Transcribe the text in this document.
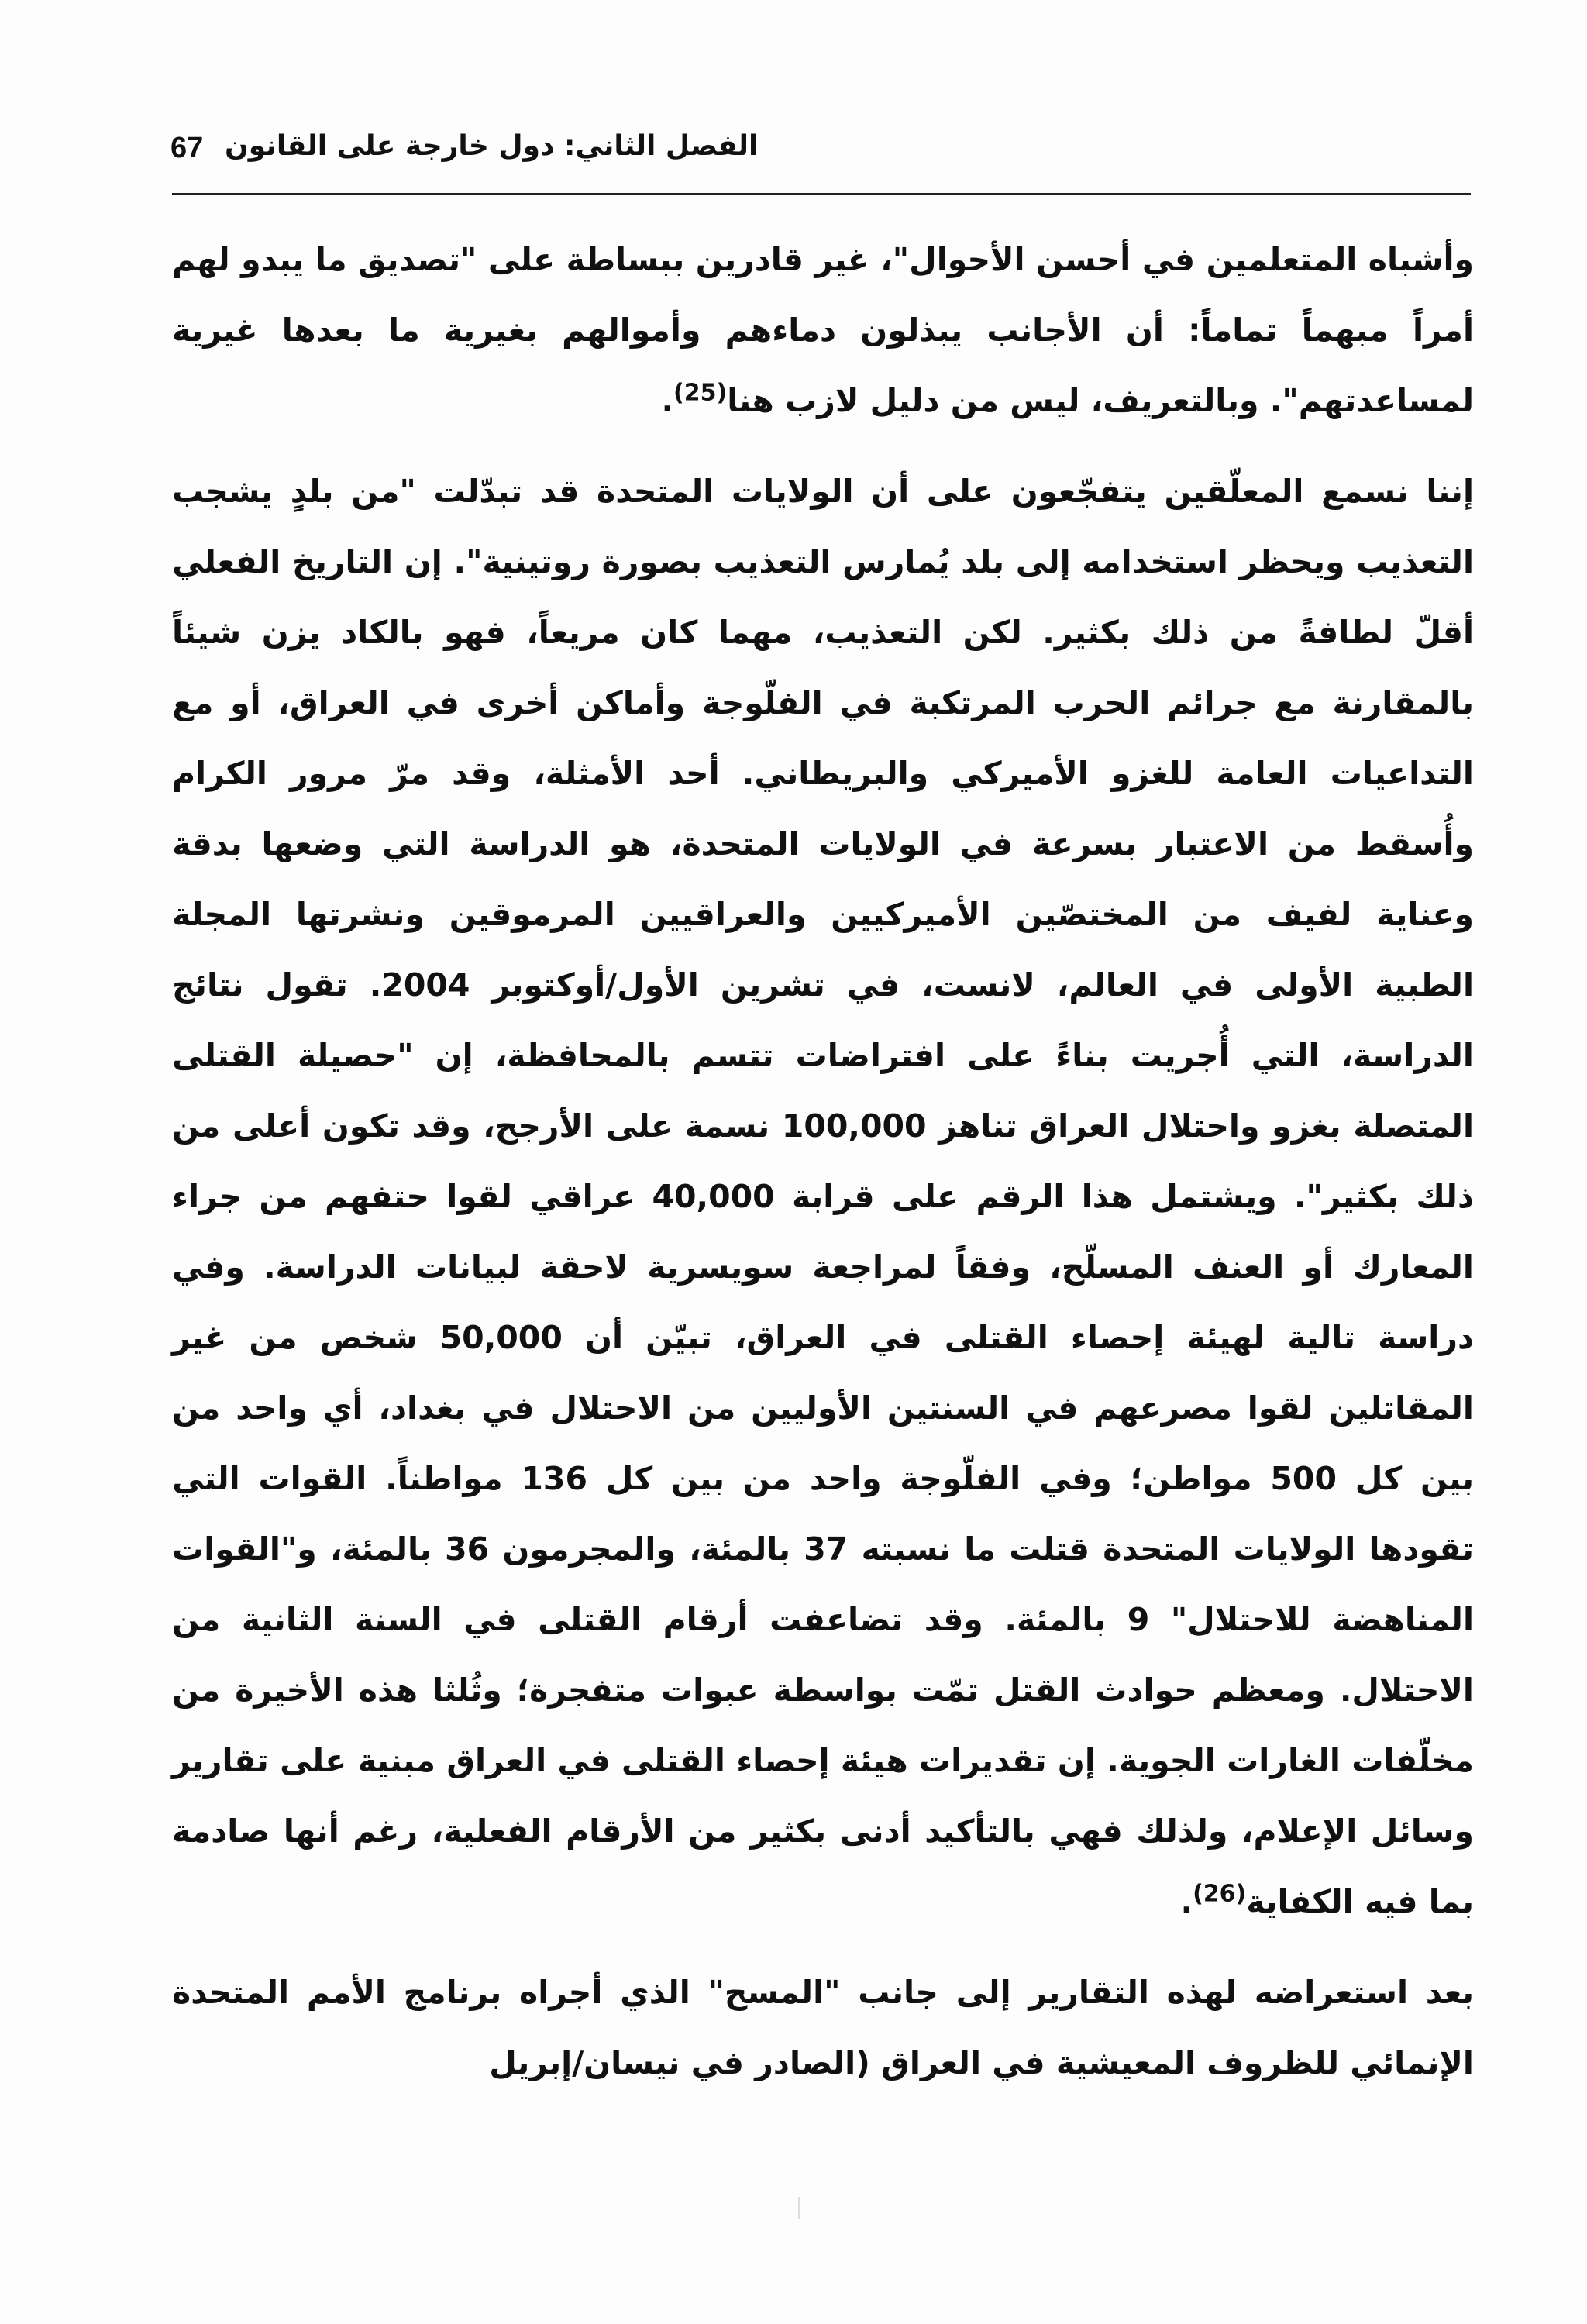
67 الفصل الثاني: دول خارجة على القانون

وأشباه المتعلمين في أحسن الأحوال"، غير قادرين ببساطة على "تصديق ما يبدو لهم أمراً مبهماً تماماً: أن الأجانب يبذلون دماءهم وأموالهم بغيرية ما بعدها غيرية لمساعدتهم". وبالتعريف، ليس من دليل لازب هنا$^{(25)}$.

إننا نسمع المعلّقين يتفجّعون على أن الولايات المتحدة قد تبدّلت "من بلدٍ يشجب التعذيب ويحظر استخدامه إلى بلد يُمارس التعذيب بصورة روتينية". إن التاريخ الفعلي أقلّ لطافةً من ذلك بكثير. لكن التعذيب، مهما كان مريعاً، فهو بالكاد يزن شيئاً بالمقارنة مع جرائم الحرب المرتكبة في الفلّوجة وأماكن أخرى في العراق، أو مع التداعيات العامة للغزو الأميركي والبريطاني. أحد الأمثلة، وقد مرّ مرور الكرام وأُسقط من الاعتبار بسرعة في الولايات المتحدة، هو الدراسة التي وضعها بدقة وعناية لفيف من المختصّين الأميركيين والعراقيين المرموقين ونشرتها المجلة الطبية الأولى في العالم، لانست، في تشرين الأول/أوكتوبر 2004. تقول نتائج الدراسة، التي أُجريت بناءً على افتراضات تتسم بالمحافظة، إن "حصيلة القتلى المتصلة بغزو واحتلال العراق تناهز 100,000 نسمة على الأرجح، وقد تكون أعلى من ذلك بكثير". ويشتمل هذا الرقم على قرابة 40,000 عراقي لقوا حتفهم من جراء المعارك أو العنف المسلّح، وفقاً لمراجعة سويسرية لاحقة لبيانات الدراسة. وفي دراسة تالية لهيئة إحصاء القتلى في العراق، تبيّن أن 50,000 شخص من غير المقاتلين لقوا مصرعهم في السنتين الأوليين من الاحتلال في بغداد، أي واحد من بين كل 500 مواطن؛ وفي الفلّوجة واحد من بين كل 136 مواطناً. القوات التي تقودها الولايات المتحدة قتلت ما نسبته 37 بالمئة، والمجرمون 36 بالمئة، و"القوات المناهضة للاحتلال" 9 بالمئة. وقد تضاعفت أرقام القتلى في السنة الثانية من الاحتلال. ومعظم حوادث القتل تمّت بواسطة عبوات متفجرة؛ وثُلثا هذه الأخيرة من مخلّفات الغارات الجوية. إن تقديرات هيئة إحصاء القتلى في العراق مبنية على تقارير وسائل الإعلام، ولذلك فهي بالتأكيد أدنى بكثير من الأرقام الفعلية، رغم أنها صادمة بما فيه الكفاية$^{(26)}$.

بعد استعراضه لهذه التقارير إلى جانب "المسح" الذي أجراه برنامج الأمم المتحدة الإنمائي للظروف المعيشية في العراق (الصادر في نيسان/إبريل
